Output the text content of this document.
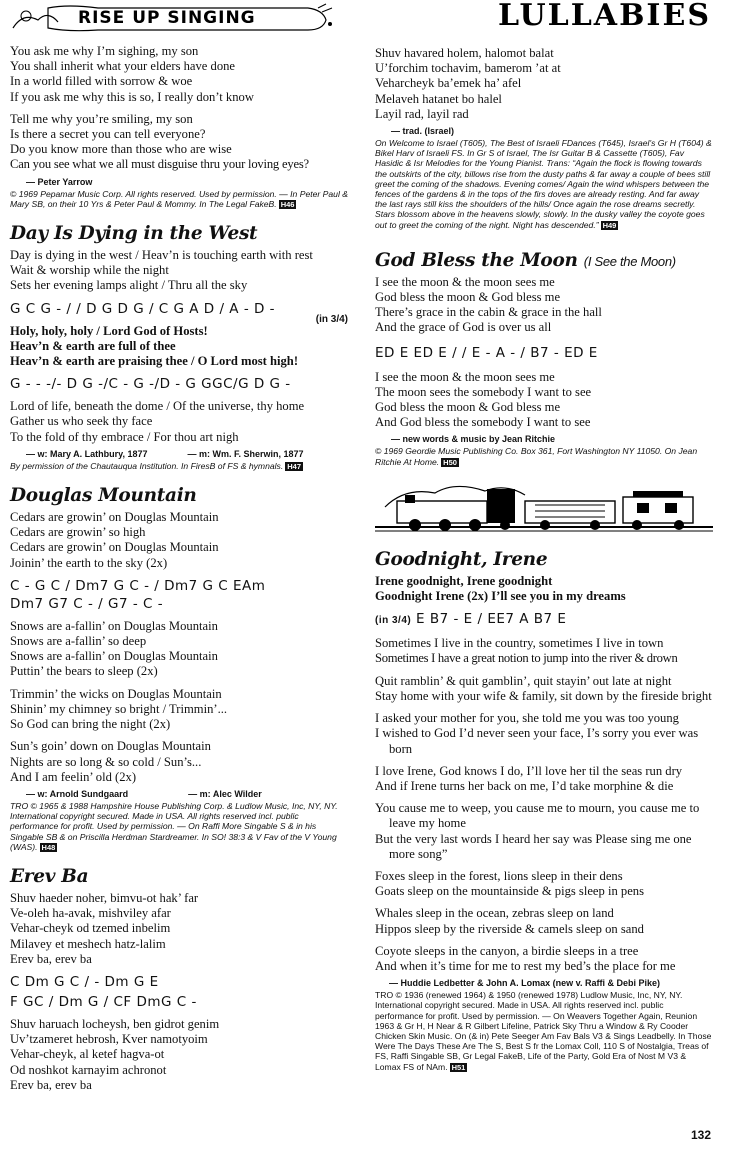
RISE UP SINGING	LULLABIES
You ask me why I’m sighing, my son
You shall inherit what your elders have done
In a world filled with sorrow & woe
If you ask me why this is so, I really don’t know
Tell me why you’re smiling, my son
Is there a secret you can tell everyone?
Do you know more than those who are wise
Can you see what we all must disguise thru your loving eyes?
— Peter Yarrow
© 1969 Pepamar Music Corp. All rights reserved. Used by permission. — In Peter Paul & Mary SB, on their 10 Yrs & Peter Paul & Mommy. In The Legal FakeB. H46
Day Is Dying in the West
Day is dying in the west / Heav’n is touching earth with rest
Wait & worship while the night
Sets her evening lamps alight / Thru all the sky
G C G - / / D G D G / C G A D / A - D -
(in 3/4)
Holy, holy, holy / Lord God of Hosts!
Heav’n & earth are full of thee
Heav’n & earth are praising thee / O Lord most high!
G - - -/- D G -/C - G -/D - G GGC/G D G -
Lord of life, beneath the dome / Of the universe, thy home
Gather us who seek thy face
To the fold of thy embrace / For thou art nigh
— w: Mary A. Lathbury, 1877	— m: Wm. F. Sherwin, 1877
By permission of the Chautauqua Institution. In FiresB of FS & hymnals. H47
Douglas Mountain
Cedars are growin’ on Douglas Mountain
Cedars are growin’ so high
Cedars are growin’ on Douglas Mountain
Joinin’ the earth to the sky (2x)
C - G C / Dm7 G C - / Dm7 G C EAm
Dm7 G7 C - / G7 - C -
Snows are a-fallin’ on Douglas Mountain
Snows are a-fallin’ so deep
Snows are a-fallin’ on Douglas Mountain
Puttin’ the bears to sleep (2x)
Trimmin’ the wicks on Douglas Mountain
Shinin’ my chimney so bright / Trimmin’...
So God can bring the night (2x)
Sun’s goin’ down on Douglas Mountain
Nights are so long & so cold / Sun’s...
And I am feelin’ old (2x)
— w: Arnold Sundgaard	— m: Alec Wilder
TRO © 1965 & 1988 Hampshire House Publishing Corp. & Ludlow Music, Inc, NY, NY. International copyright secured. Made in USA. All rights reserved incl. public performance for profit. Used by permission. — On Raffi More Singable S & in his Singable SB & on Priscilla Herdman Stardreamer. In SO! 38:3 & V Fav of the V Young (WAS). H48
Erev Ba
Shuv haeder noher, bimvu-ot hak’ far
Ve-oleh ha-avak, mishviley afar
Vehar-cheyk od tzemed inbelim
Milavey et meshech hatz-lalim
Erev ba, erev ba
C Dm G C / - Dm G E
F GC / Dm G / CF DmG C -
Shuv haruach locheysh, ben gidrot genim
Uv’tzameret hebrosh, Kver namotyoim
Vehar-cheyk, al ketef hagva-ot
Od noshkot karnayim achronot
Erev ba, erev ba
Shuv havared holem, halomot balat
U’forchim tochavim, bamerom ’at at
Veharcheyk ba’emek ha’ afel
Melaveh hatanet bo halel
Layil rad, layil rad
— trad. (Israel)
On Welcome to Israel (T605), The Best of Israeli FDances (T645), Israel's Gr H (T604) & Bikel Harv of Israeli FS. In Gr S of Israel, The Isr Guitar B & Cassette (T605), Fav Hasidic & Isr Melodies for the Young Pianist. Trans: “Again the flock is flowing towards the outskirts of the city, billows rise from the dusty paths & far away a couple of bees still greet the coming of the shadows. Evening comes/ Again the wind whispers between the fences of the gardens & in the tops of the firs doves are already resting. And far away the last rays still kiss the shoulders of the hills/ Once again the rose dreams secretly. Stars blossom above in the heavens slowly, slowly. In the dusky valley the coyote goes out to greet the coming of the night. Night has descended.” H49
God Bless the Moon (I See the Moon)
I see the moon & the moon sees me
God bless the moon & God bless me
There’s grace in the cabin & grace in the hall
And the grace of God is over us all
ED E ED E / / E - A - / B7 - ED E
I see the moon & the moon sees me
The moon sees the somebody I want to see
God bless the moon & God bless me
And God bless the somebody I want to see
— new words & music by Jean Ritchie
© 1969 Geordie Music Publishing Co. Box 361, Fort Washington NY 11050. On Jean Ritchie At Home. H50
Goodnight, Irene
Irene goodnight, Irene goodnight
Goodnight Irene (2x) I’ll see you in my dreams
(in 3/4) E B7 - E / EE7 A B7 E
Sometimes I live in the country, sometimes I live in town
Sometimes I have a great notion to jump into the river & drown
Quit ramblin’ & quit gamblin’, quit stayin’ out late at night
Stay home with your wife & family, sit down by the fireside bright
I asked your mother for you, she told me you was too young
I wished to God I’d never seen your face, I’s sorry you ever was born
I love Irene, God knows I do, I’ll love her til the seas run dry
And if Irene turns her back on me, I’d take morphine & die
You cause me to weep, you cause me to mourn, you cause me to leave my home
But the very last words I heard her say was Please sing me one more song”
Foxes sleep in the forest, lions sleep in their dens
Goats sleep on the mountainside & pigs sleep in pens
Whales sleep in the ocean, zebras sleep on land
Hippos sleep by the riverside & camels sleep on sand
Coyote sleeps in the canyon, a birdie sleeps in a tree
And when it’s time for me to rest my bed’s the place for me
— Huddie Ledbetter & John A. Lomax (new v. Raffi & Debi Pike)
TRO © 1936 (renewed 1964) & 1950 (renewed 1978) Ludlow Music, Inc, NY, NY. International copyright secured. Made in USA. All rights reserved incl. public performance for profit. Used by permission. — On Weavers Together Again, Reunion 1963 & Gr H, H Near & R Gilbert Lifeline, Patrick Sky Thru a Window & Ry Cooder Chicken Skin Music. On (& in) Pete Seeger Am Fav Bals V3 & Sings Leadbelly. In Those Were The Days These Are The S, Best S fr the Lomax Coll, 110 S of Nostalgia, Treas of FS, Raffi Singable SB, Gr Legal FakeB, Life of the Party, Gold Era of Nost M V3 & Lomax FS of NAm. H51
132
